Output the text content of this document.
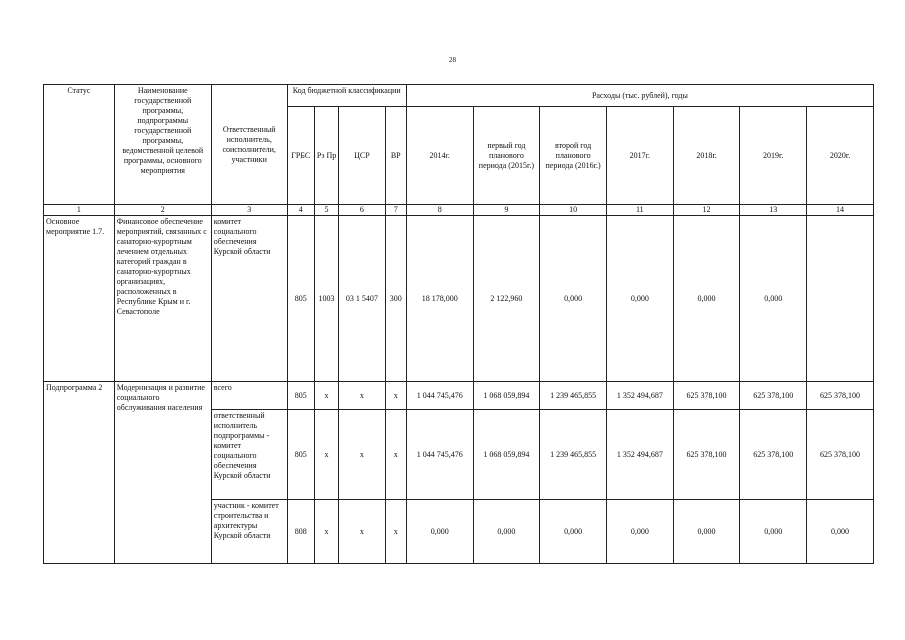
28
Статус	Наименование государственной программы, подпрограммы государственной программы, ведомственной целевой программы, основного мероприятия	Ответственный исполнитель, соисполнители, участники	Код бюджетной классификации				Расходы (тыс. рублей), годы						
			ГРБС	Рз Пр	ЦСР	ВР	2014г.	первый год планового периода (2015г.)	второй год планового периода (2016г.)	2017г.	2018г.	2019г.	2020г.
1	2	3	4	5	6	7	8	9	10	11	12	13	14
Основное мероприятие 1.7.	Финансовое обеспечение мероприятий, связанных с санаторно-курортным лечением отдельных категорий граждан в санаторно-курортных организациях, расположенных в Республике Крым и г. Севастополе	комитет социального обеспечения Курской области	805	1003	03 1 5407	300	18 178,000	2 122,960	0,000	0,000	0,000	0,000	
Подпрограмма 2	Модернизация и развитие социального обслуживания населения	всего	805	x	x	x	1 044 745,476	1 068 059,894	1 239 465,855	1 352 494,687	625 378,100	625 378,100	625 378,100
		ответственный исполнитель подпрограммы - комитет социального обеспечения Курской области	805	x	x	x	1 044 745,476	1 068 059,894	1 239 465,855	1 352 494,687	625 378,100	625 378,100	625 378,100
		участник - комитет строительства и архитектуры Курской области	808	x	x	x	0,000	0,000	0,000	0,000	0,000	0,000	0,000
